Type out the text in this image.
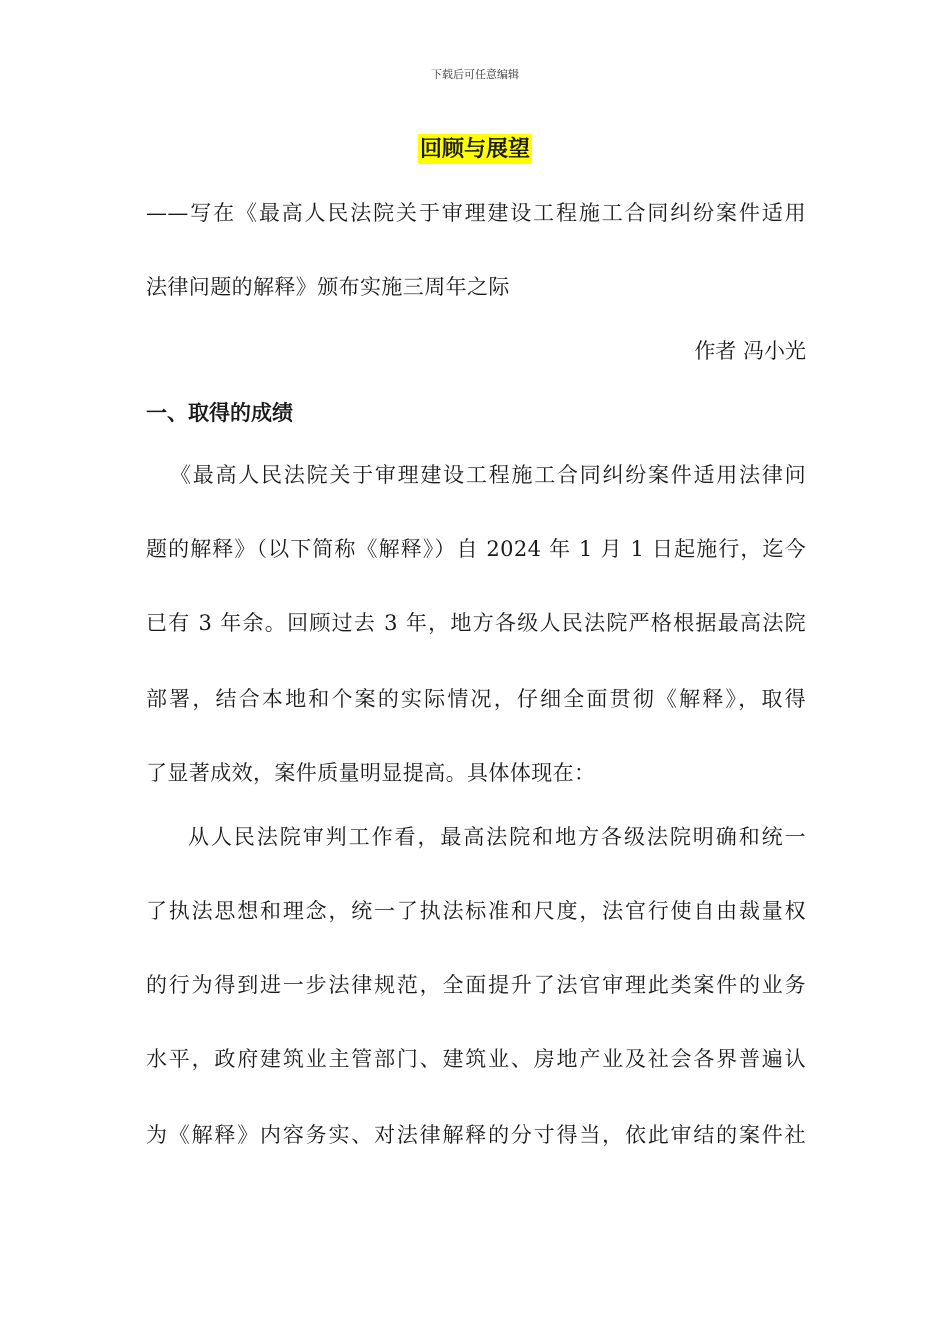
下载后可任意编辑
回顾与展望
——写在《最高人民法院关于审理建设工程施工合同纠纷案件适用
法律问题的解释》颁布实施三周年之际
作者 冯小光
一、取得的成绩
《最高人民法院关于审理建设工程施工合同纠纷案件适用法律问
题的解释》（以下简称《解释》）自 2024 年 1 月 1 日起施行，迄今
已有 3 年余。回顾过去 3 年，地方各级人民法院严格根据最高法院
部署，结合本地和个案的实际情况，仔细全面贯彻《解释》，取得
了显著成效，案件质量明显提高。具体体现在：
从人民法院审判工作看，最高法院和地方各级法院明确和统一
了执法思想和理念，统一了执法标准和尺度，法官行使自由裁量权
的行为得到进一步法律规范，全面提升了法官审理此类案件的业务
水平，政府建筑业主管部门、建筑业、房地产业及社会各界普遍认
为《解释》内容务实、对法律解释的分寸得当，依此审结的案件社
